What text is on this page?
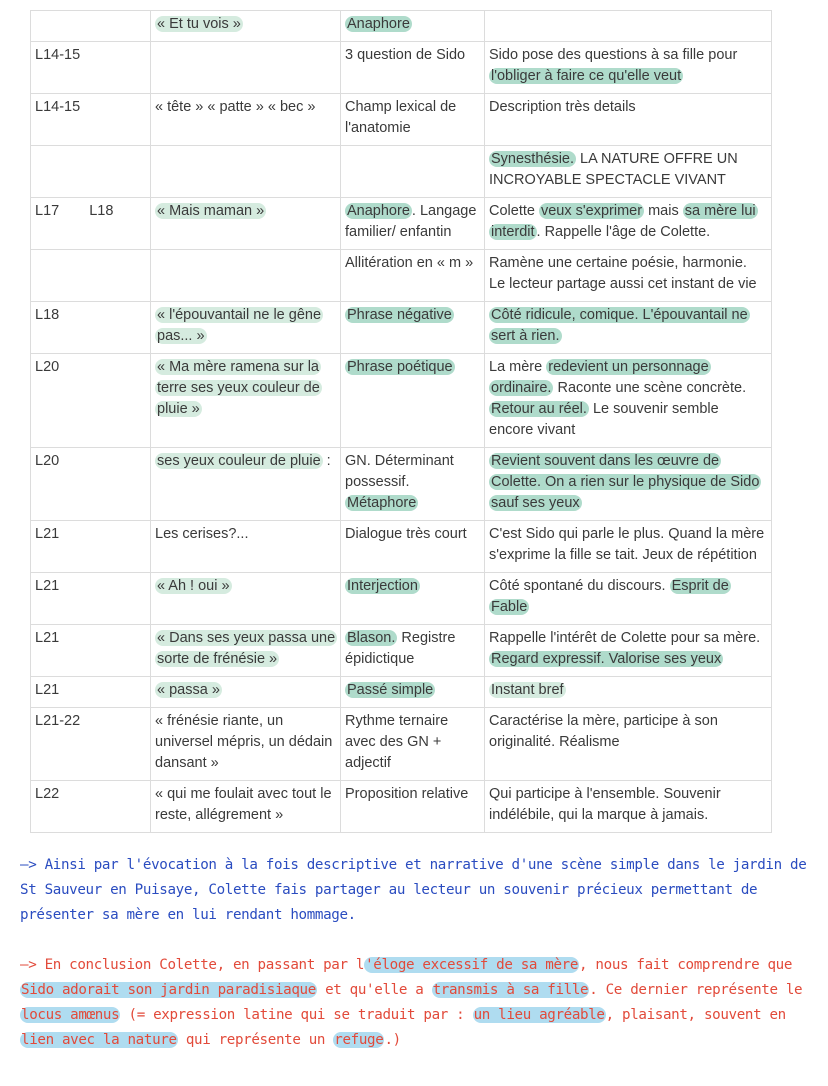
	« Et tu vois »	Anaphore	
L14-15		3 question de Sido	Sido pose des questions à sa fille pour l'obliger à faire ce qu'elle veut
L14-15	« tête » « patte » « bec »	Champ lexical de l'anatomie	Description très details
			Synesthésie. LA NATURE OFFRE UN INCROYABLE SPECTACLE VIVANT
L17 L18	« Mais maman »	Anaphore . Langage familier/ enfantin	Colette veux s'exprimer mais sa mère lui interdit . Rappelle l'âge de Colette.
		Allitération en « m »	Ramène une certaine poésie, harmonie. Le lecteur partage aussi cet instant de vie
L18	« l'épouvantail ne le gêne pas... »	Phrase négative	Côté ridicule, comique. L'épouvantail ne sert à rien.
L20	« Ma mère ramena sur la terre ses yeux couleur de pluie »	Phrase poétique	La mère redevient un personnage ordinaire. Raconte une scène concrète. Retour au réel. Le souvenir semble encore vivant
L20	ses yeux couleur de pluie :	GN. Déterminant possessif. Métaphore	Revient souvent dans les œuvre de Colette. On a rien sur le physique de Sido sauf ses yeux
L21	Les cerises?...	Dialogue très court	C'est Sido qui parle le plus. Quand la mère s'exprime la fille se tait. Jeux de répétition
L21	« Ah ! oui »	Interjection	Côté spontané du discours. Esprit de Fable
L21	« Dans ses yeux passa une sorte de frénésie »	Blason. Registre épidictique	Rappelle l'intérêt de Colette pour sa mère. Regard expressif. Valorise ses yeux
L21	« passa »	Passé simple	Instant bref
L21-22	« frénésie riante, un universel mépris, un dédain dansant »	Rythme ternaire avec des GN + adjectif	Caractérise la mère, participe à son originalité. Réalisme
L22	« qui me foulait avec tout le reste, allégrement »	Proposition relative	Qui participe à l'ensemble. Souvenir indélébile, qui la marque à jamais.
—> Ainsi par l'évocation à la fois descriptive et narrative d'une scène simple dans le jardin de St Sauveur en Puisaye, Colette fais partager au lecteur un souvenir précieux permettant de présenter sa mère en lui rendant hommage.
—> En conclusion Colette, en passant par l'éloge excessif de sa mère, nous fait comprendre que Sido adorait son jardin paradisiaque et qu'elle a transmis à sa fille. Ce dernier représente le locus amœnus (= expression latine qui se traduit par : un lieu agréable, plaisant, souvent en lien avec la nature qui représente un refuge.)
